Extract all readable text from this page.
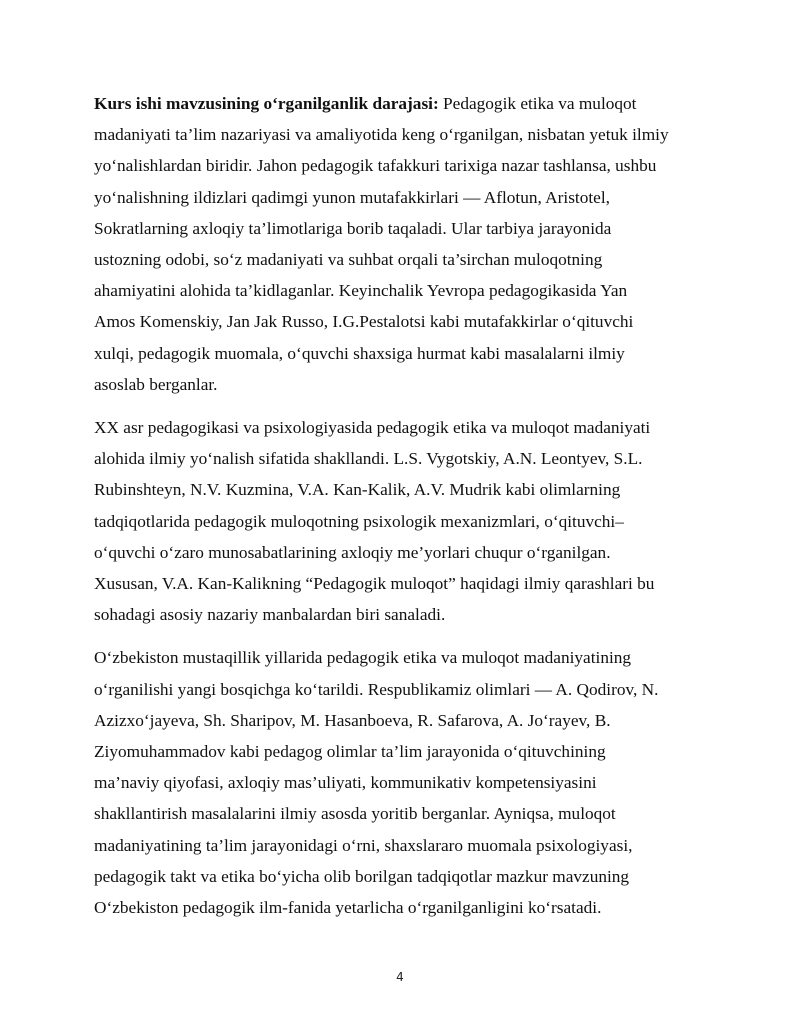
Kurs ishi mavzusining o‘rganilganlik darajasi: Pedagogik etika va muloqot
madaniyati ta’lim nazariyasi va amaliyotida keng o‘rganilgan, nisbatan yetuk ilmiy
yo‘nalishlardan biridir. Jahon pedagogik tafakkuri tarixiga nazar tashlansa, ushbu
yo‘nalishning ildizlari qadimgi yunon mutafakkirlari — Aflotun, Aristotel,
Sokratlarning axloqiy ta’limotlariga borib taqaladi. Ular tarbiya jarayonida
ustozning odobi, so‘z madaniyati va suhbat orqali ta’sirchan muloqotning
ahamiyatini alohida ta’kidlaganlar. Keyinchalik Yevropa pedagogikasida Yan
Amos Komenskiy, Jan Jak Russo, I.G.Pestalotsi kabi mutafakkirlar o‘qituvchi
xulqi, pedagogik muomala, o‘quvchi shaxsiga hurmat kabi masalalarni ilmiy
asoslab berganlar.
XX asr pedagogikasi va psixologiyasida pedagogik etika va muloqot madaniyati
alohida ilmiy yo‘nalish sifatida shakllandi. L.S. Vygotskiy, A.N. Leontyev, S.L.
Rubinshteyn, N.V. Kuzmina, V.A. Kan-Kalik, A.V. Mudrik kabi olimlarning
tadqiqotlarida pedagogik muloqotning psixologik mexanizmlari, o‘qituvchi–
o‘quvchi o‘zaro munosabatlarining axloqiy me’yorlari chuqur o‘rganilgan.
Xususan, V.A. Kan-Kalikning “Pedagogik muloqot” haqidagi ilmiy qarashlari bu
sohadagi asosiy nazariy manbalardan biri sanaladi.
O‘zbekiston mustaqillik yillarida pedagogik etika va muloqot madaniyatining
o‘rganilishi yangi bosqichga ko‘tarildi. Respublikamiz olimlari — A. Qodirov, N.
Azizxo‘jayeva, Sh. Sharipov, M. Hasanboeva, R. Safarova, A. Jo‘rayev, B.
Ziyomuhammadov kabi pedagog olimlar ta’lim jarayonida o‘qituvchining
ma’naviy qiyofasi, axloqiy mas’uliyati, kommunikativ kompetensiyasini
shakllantirish masalalarini ilmiy asosda yoritib berganlar. Ayniqsa, muloqot
madaniyatining ta’lim jarayonidagi o‘rni, shaxslararo muomala psixologiyasi,
pedagogik takt va etika bo‘yicha olib borilgan tadqiqotlar mazkur mavzuning
O‘zbekiston pedagogik ilm-fanida yetarlicha o‘rganilganligini ko‘rsatadi.
4
